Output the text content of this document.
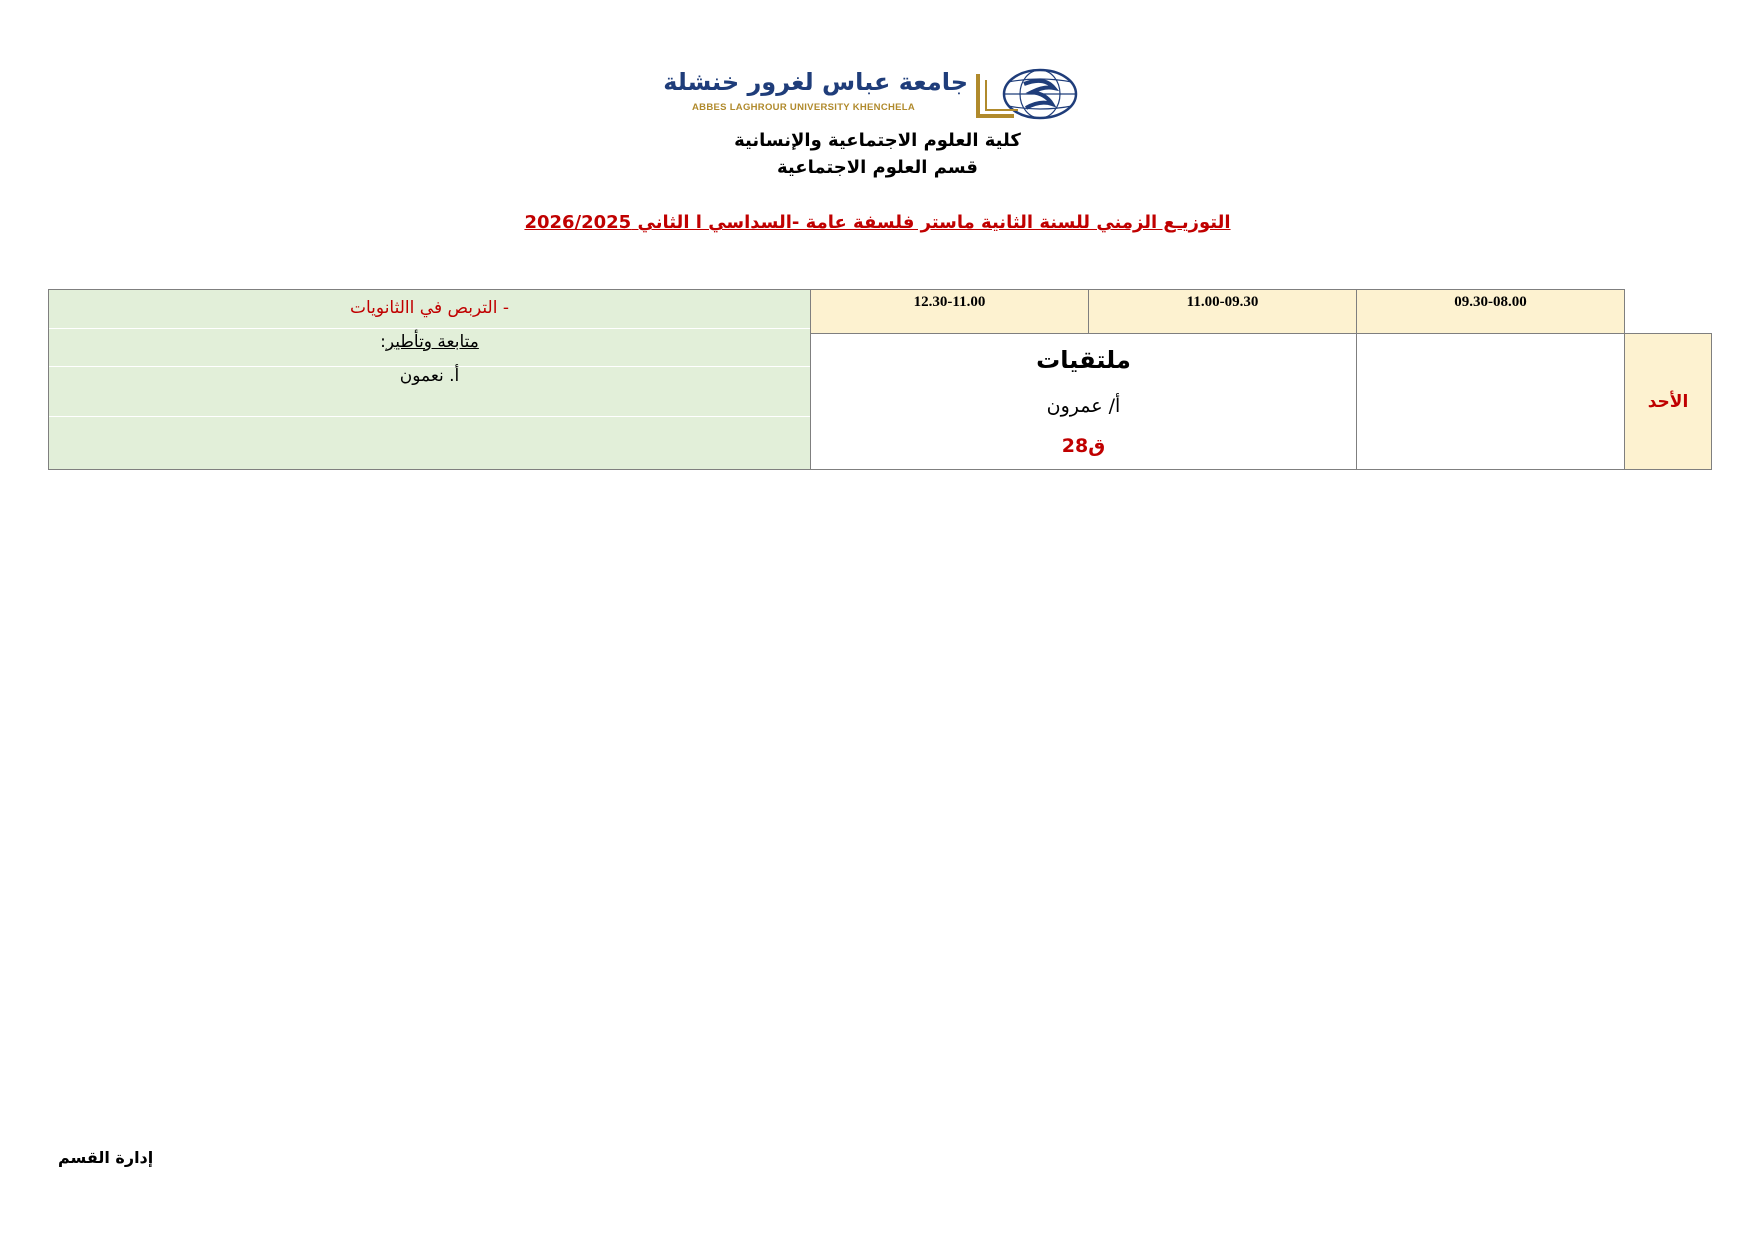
جامعة عباس لغرور خنشلة
ABBES LAGHROUR UNIVERSITY KHENCHELA
كلية العلوم الاجتماعية والإنسانية
قسم العلوم الاجتماعية
التوزيـع الزمني للسنة الثانية ماستر فلسفة عامة -السداسي ا الثاني 2026/2025
09.30-08.00
11.00-09.30
12.30-11.00
الأحد
ملتقيات
أ/ عمرون
ق28
- التربص في االثانويات
متابعة وتأطير:
أ. نعمون
إدارة القسم
